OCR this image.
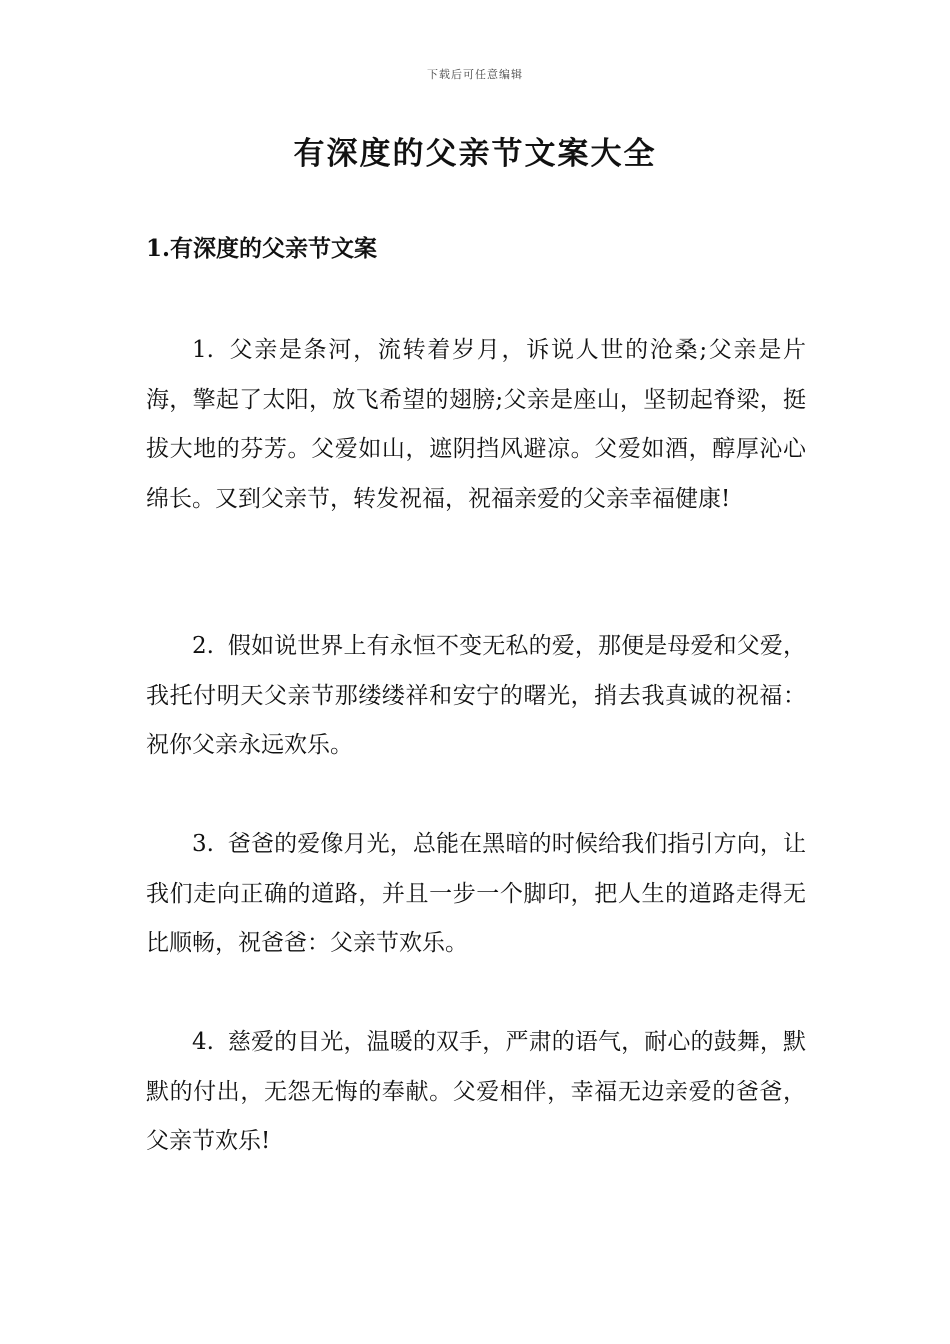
下载后可任意编辑
有深度的父亲节文案大全
1.有深度的父亲节文案

1. 父亲是条河，流转着岁月，诉说人世的沧桑;父亲是片海，擎起了太阳，放飞希望的翅膀;父亲是座山，坚韧起脊梁，挺拔大地的芬芳。父爱如山，遮阴挡风避凉。父爱如酒，醇厚沁心绵长。又到父亲节，转发祝福，祝福亲爱的父亲幸福健康!

2. 假如说世界上有永恒不变无私的爱，那便是母爱和父爱，我托付明天父亲节那缕缕祥和安宁的曙光，捎去我真诚的祝福：祝你父亲永远欢乐。

3. 爸爸的爱像月光，总能在黑暗的时候给我们指引方向，让我们走向正确的道路，并且一步一个脚印，把人生的道路走得无比顺畅，祝爸爸：父亲节欢乐。

4. 慈爱的目光，温暖的双手，严肃的语气，耐心的鼓舞，默默的付出，无怨无悔的奉献。父爱相伴，幸福无边亲爱的爸爸，父亲节欢乐!
